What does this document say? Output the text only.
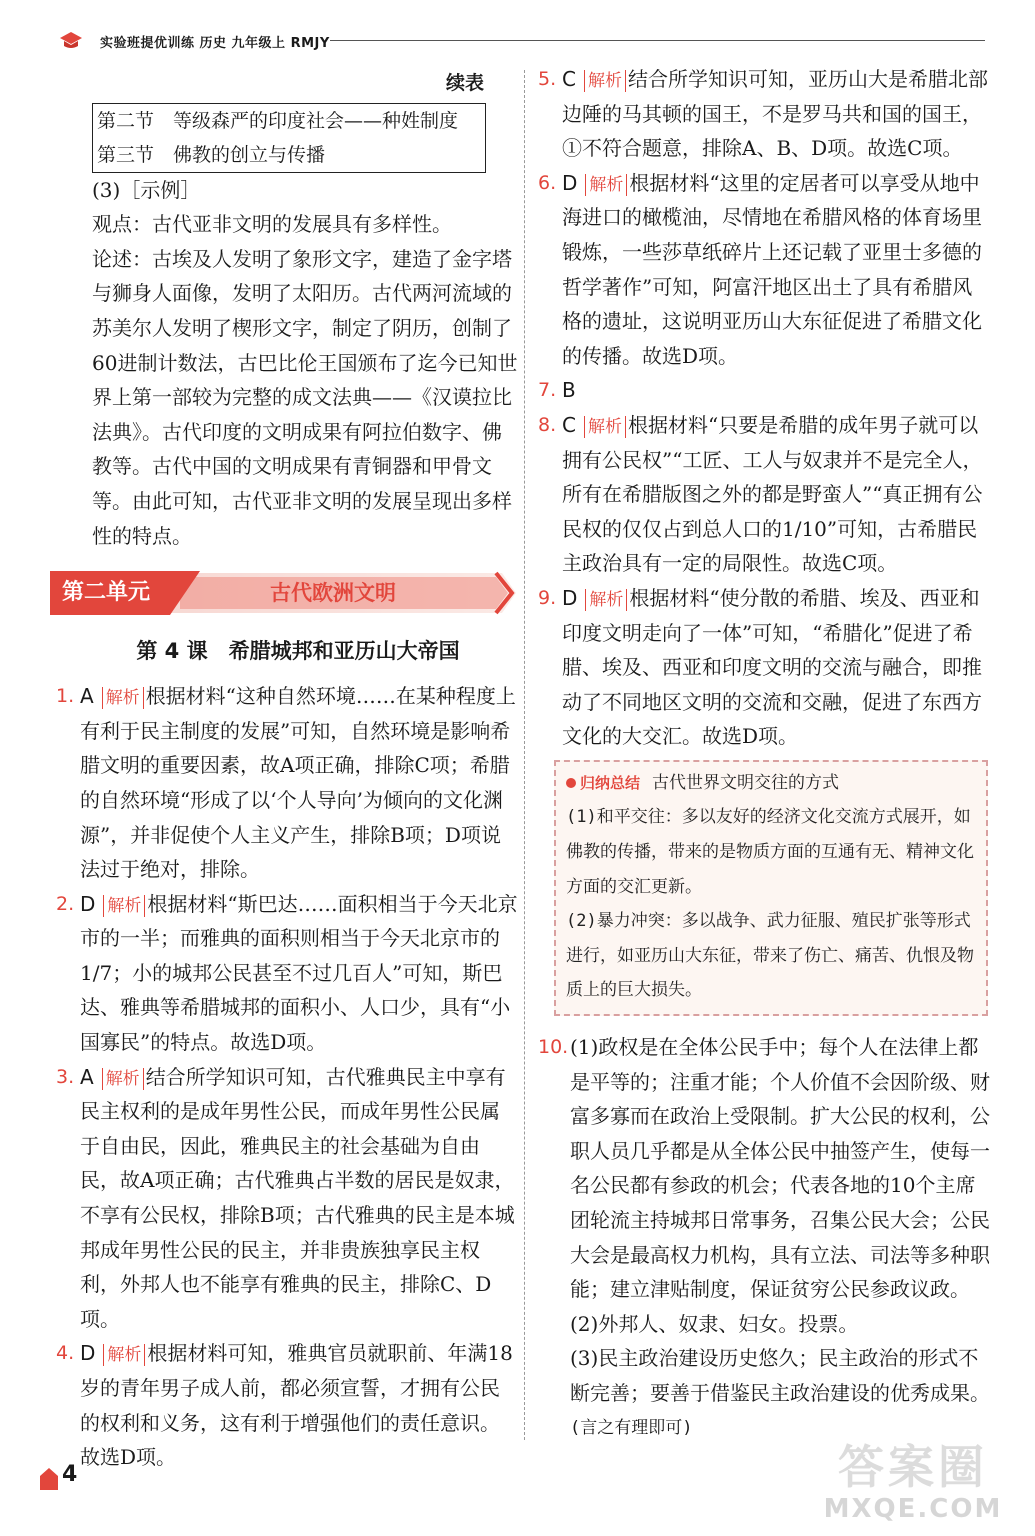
实验班提优训练 历史 九年级上 RMJY
续表
第二节　等级森严的印度社会——种姓制度
第三节　佛教的创立与传播

(3)［示例］

观点：古代亚非文明的发展具有多样性。

论述：古埃及人发明了象形文字，建造了金字塔与狮身人面像，发明了太阳历。古代两河流域的苏美尔人发明了楔形文字，制定了阴历，创制了60进制计数法，古巴比伦王国颁布了迄今已知世界上第一部较为完整的成文法典——《汉谟拉比法典》。古代印度的文明成果有阿拉伯数字、佛教等。古代中国的文明成果有青铜器和甲骨文等。由此可知，古代亚非文明的发展呈现出多样性的特点。

第二单元	古代欧洲文明
第 4 课　希腊城邦和亚历山大帝国
1. A 解析 根据材料“这种自然环境……在某种程度上有利于民主制度的发展”可知，自然环境是影响希腊文明的重要因素，故A项正确，排除C项；希腊的自然环境“形成了以‘个人导向’为倾向的文化渊源”，并非促使个人主义产生，排除B项；D项说法过于绝对，排除。
2. D 解析 根据材料“斯巴达……面积相当于今天北京市的一半；而雅典的面积则相当于今天北京市的1/7；小的城邦公民甚至不过几百人”可知，斯巴达、雅典等希腊城邦的面积小、人口少，具有“小国寡民”的特点。故选D项。
3. A 解析 结合所学知识可知，古代雅典民主中享有民主权利的是成年男性公民，而成年男性公民属于自由民，因此，雅典民主的社会基础为自由民，故A项正确；古代雅典占半数的居民是奴隶，不享有公民权，排除B项；古代雅典的民主是本城邦成年男性公民的民主，并非贵族独享民主权利，外邦人也不能享有雅典的民主，排除C、D项。
4. D 解析 根据材料可知，雅典官员就职前、年满18岁的青年男子成人前，都必须宣誓，才拥有公民的权利和义务，这有利于增强他们的责任意识。故选D项。
5. C 解析 结合所学知识可知，亚历山大是希腊北部边陲的马其顿的国王，不是罗马共和国的国王，①不符合题意，排除A、B、D项。故选C项。
6. D 解析 根据材料“这里的定居者可以享受从地中海进口的橄榄油，尽情地在希腊风格的体育场里锻炼，一些莎草纸碎片上还记载了亚里士多德的哲学著作”可知，阿富汗地区出土了具有希腊风格的遗址，这说明亚历山大东征促进了希腊文化的传播。故选D项。
7. B
8. C 解析 根据材料“只要是希腊的成年男子就可以拥有公民权”“工匠、工人与奴隶并不是完全人，所有在希腊版图之外的都是野蛮人”“真正拥有公民权的仅仅占到总人口的1/10”可知，古希腊民主政治具有一定的局限性。故选C项。
9. D 解析 根据材料“使分散的希腊、埃及、西亚和印度文明走向了一体”可知，“希腊化”促进了希腊、埃及、西亚和印度文明的交流与融合，即推动了不同地区文明的交流和交融，促进了东西方文化的大交汇。故选D项。
归纳总结 古代世界文明交往的方式
(1)和平交往：多以友好的经济文化交流方式展开，如佛教的传播，带来的是物质方面的互通有无、精神文化方面的交汇更新。
(2)暴力冲突：多以战争、武力征服、殖民扩张等形式进行，如亚历山大东征，带来了伤亡、痛苦、仇恨及物质上的巨大损失。
10. (1)政权是在全体公民手中；每个人在法律上都是平等的；注重才能；个人价值不会因阶级、财富多寡而在政治上受限制。扩大公民的权利，公职人员几乎都是从全体公民中抽签产生，使每一名公民都有参政的机会；代表各地的10个主席团轮流主持城邦日常事务，召集公民大会；公民大会是最高权力机构，具有立法、司法等多种职能；建立津贴制度，保证贫穷公民参政议政。

(2)外邦人、奴隶、妇女。投票。

(3)民主政治建设历史悠久；民主政治的形式不断完善；要善于借鉴民主政治建设的优秀成果。

(言之有理即可)

4	答案圈
MXQE.COM
